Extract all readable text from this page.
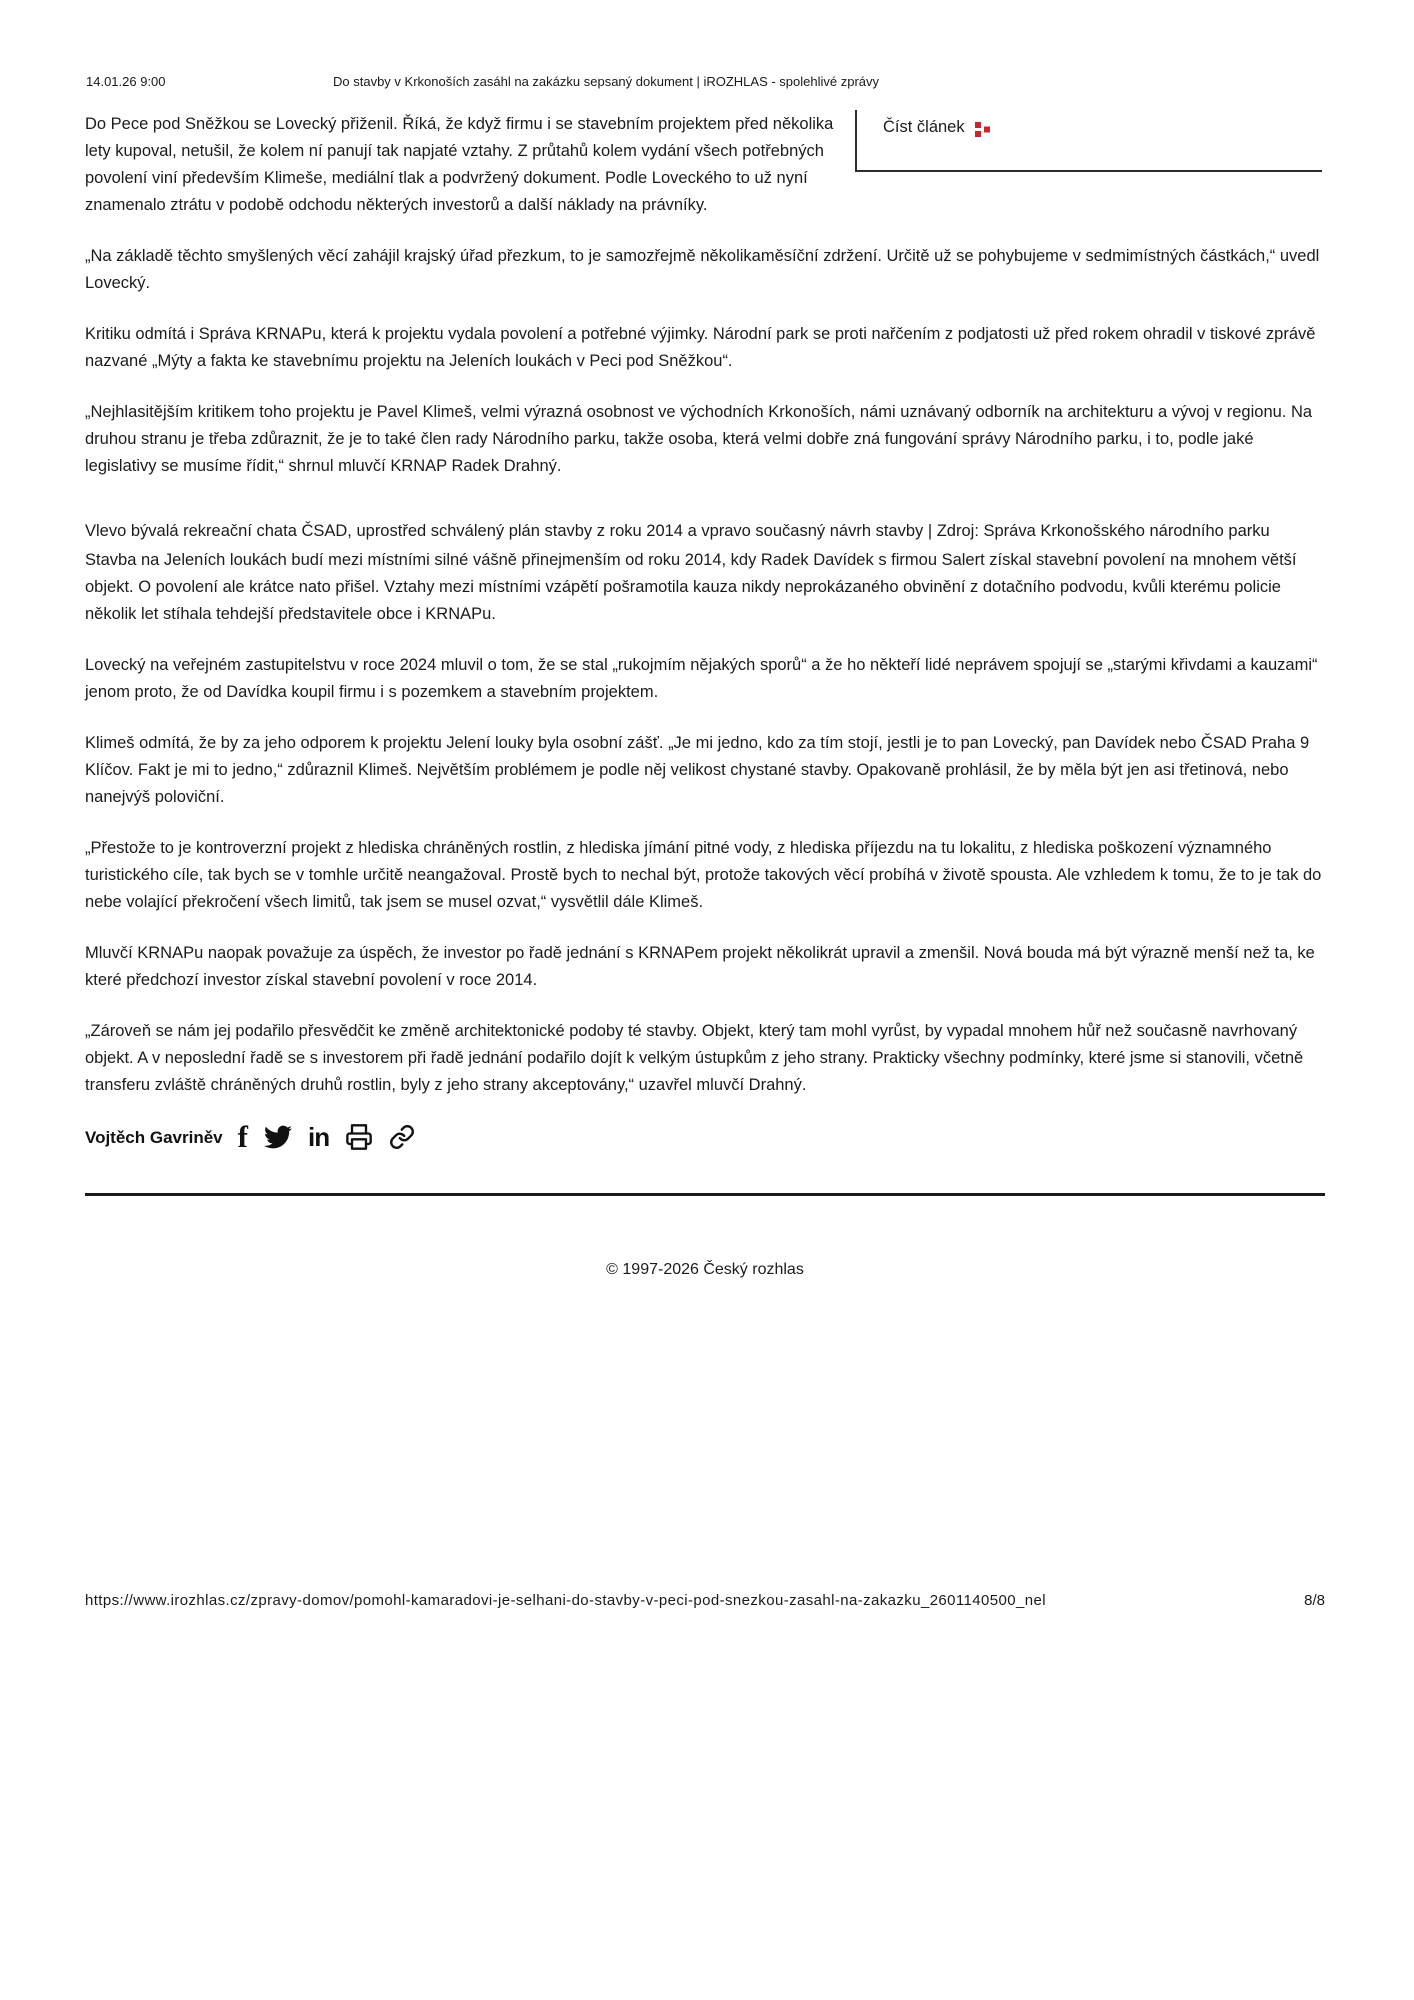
14.01.26 9:00	Do stavby v Krkonoších zasáhl na zakázku sepsaný dokument | iROZHLAS - spolehlivé zprávy
Číst článek

Do Pece pod Sněžkou se Lovecký přiženil. Říká, že když firmu i se stavebním projektem před několika lety kupoval, netušil, že kolem ní panují tak napjaté vztahy. Z průtahů kolem vydání všech potřebných povolení viní především Klimeše, mediální tlak a podvržený dokument. Podle Loveckého to už nyní znamenalo ztrátu v podobě odchodu některých investorů a další náklady na právníky.

„Na základě těchto smyšlených věcí zahájil krajský úřad přezkum, to je samozřejmě několikaměsíční zdržení. Určitě už se pohybujeme v sedmimístných částkách,“ uvedl Lovecký.

Kritiku odmítá i Správa KRNAPu, která k projektu vydala povolení a potřebné výjimky. Národní park se proti nařčením z podjatosti už před rokem ohradil v tiskové zprávě nazvané „Mýty a fakta ke stavebnímu projektu na Jeleních loukách v Peci pod Sněžkou“.

„Nejhlasitějším kritikem toho projektu je Pavel Klimeš, velmi výrazná osobnost ve východních Krkonoších, námi uznávaný odborník na architekturu a vývoj v regionu. Na druhou stranu je třeba zdůraznit, že je to také člen rady Národního parku, takže osoba, která velmi dobře zná fungování správy Národního parku, i to, podle jaké legislativy se musíme řídit,“ shrnul mluvčí KRNAP Radek Drahný.

Vlevo bývalá rekreační chata ČSAD, uprostřed schválený plán stavby z roku 2014 a vpravo současný návrh stavby | Zdroj: Správa Krkonošského národního parku

Stavba na Jeleních loukách budí mezi místními silné vášně přinejmenším od roku 2014, kdy Radek Davídek s firmou Salert získal stavební povolení na mnohem větší objekt. O povolení ale krátce nato přišel. Vztahy mezi místními vzápětí pošramotila kauza nikdy neprokázaného obvinění z dotačního podvodu, kvůli kterému policie několik let stíhala tehdejší představitele obce i KRNAPu.

Lovecký na veřejném zastupitelstvu v roce 2024 mluvil o tom, že se stal „rukojmím nějakých sporů“ a že ho někteří lidé neprávem spojují se „starými křivdami a kauzami“ jenom proto, že od Davídka koupil firmu i s pozemkem a stavebním projektem.

Klimeš odmítá, že by za jeho odporem k projektu Jelení louky byla osobní zášť. „Je mi jedno, kdo za tím stojí, jestli je to pan Lovecký, pan Davídek nebo ČSAD Praha 9 Klíčov. Fakt je mi to jedno,“ zdůraznil Klimeš. Největším problémem je podle něj velikost chystané stavby. Opakovaně prohlásil, že by měla být jen asi třetinová, nebo nanejvýš poloviční.

„Přestože to je kontroverzní projekt z hlediska chráněných rostlin, z hlediska jímání pitné vody, z hlediska příjezdu na tu lokalitu, z hlediska poškození významného turistického cíle, tak bych se v tomhle určitě neangažoval. Prostě bych to nechal být, protože takových věcí probíhá v životě spousta. Ale vzhledem k tomu, že to je tak do nebe volající překročení všech limitů, tak jsem se musel ozvat,“ vysvětlil dále Klimeš.

Mluvčí KRNAPu naopak považuje za úspěch, že investor po řadě jednání s KRNAPem projekt několikrát upravil a zmenšil. Nová bouda má být výrazně menší než ta, ke které předchozí investor získal stavební povolení v roce 2014.

„Zároveň se nám jej podařilo přesvědčit ke změně architektonické podoby té stavby. Objekt, který tam mohl vyrůst, by vypadal mnohem hůř než současně navrhovaný objekt. A v neposlední řadě se s investorem při řadě jednání podařilo dojít k velkým ústupkům z jeho strany. Prakticky všechny podmínky, které jsme si stanovili, včetně transferu zvláště chráněných druhů rostlin, byly z jeho strany akceptovány,“ uzavřel mluvčí Drahný.

Vojtěch Gavriněv f in
© 1997-2026 Český rozhlas
https://www.irozhlas.cz/zpravy-domov/pomohl-kamaradovi-je-selhani-do-stavby-v-peci-pod-snezkou-zasahl-na-zakazku_2601140500_nel	8/8
